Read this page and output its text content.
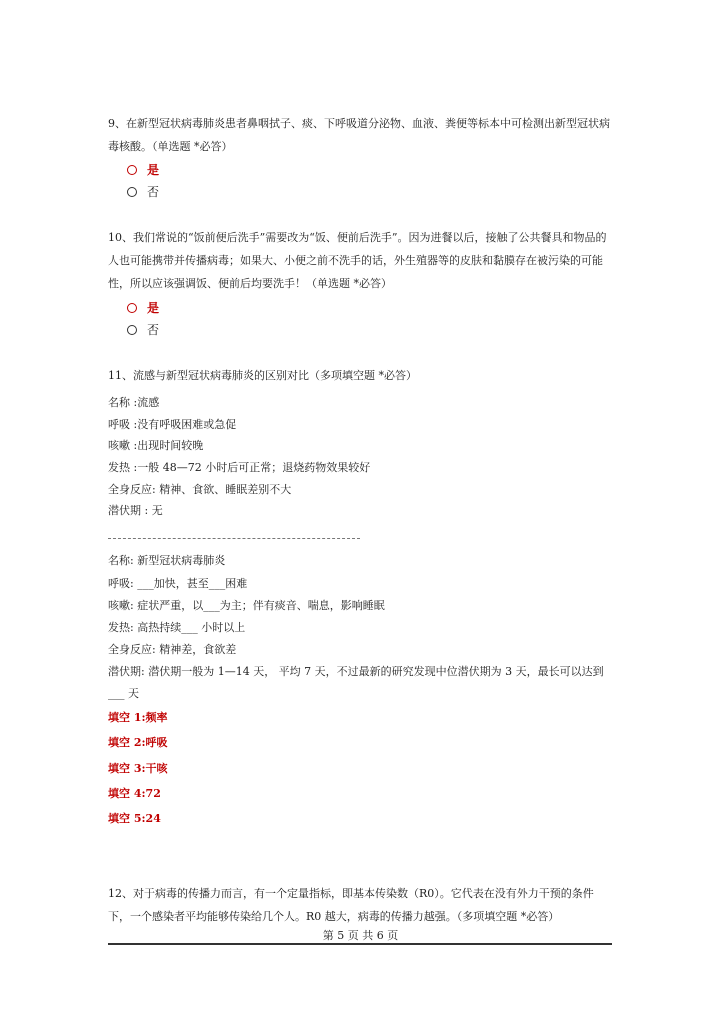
9、在新型冠状病毒肺炎患者鼻咽拭子、痰、下呼吸道分泌物、血液、粪便等标本中可检测出新型冠状病毒核酸。（单选题 *必答）
是
否
10、我们常说的“饭前便后洗手”需要改为“饭、便前后洗手”。因为进餐以后，接触了公共餐具和物品的人也可能携带并传播病毒；如果大、小便之前不洗手的话，外生殖器等的皮肤和黏膜存在被污染的可能性，所以应该强调饭、便前后均要洗手！（单选题 *必答）
是
否
11、流感与新型冠状病毒肺炎的区别对比（多项填空题 *必答）
名称 :流感
呼吸 :没有呼吸困难或急促
咳嗽 :出现时间较晚
发热 :一般 48—72 小时后可正常；退烧药物效果较好
全身反应: 精神、食欲、睡眠差别不大
潜伏期 : 无
名称: 新型冠状病毒肺炎
呼吸: ___加快，甚至___困难
咳嗽: 症状严重，以___为主；伴有痰音、喘息，影响睡眠
发热: 高热持续___ 小时以上
全身反应: 精神差，食欲差
潜伏期: 潜伏期一般为 1—14 天， 平均 7 天，不过最新的研究发现中位潜伏期为 3 天，最长可以达到
___ 天
填空 1:频率
填空 2:呼吸
填空 3:干咳
填空 4:72
填空 5:24
12、对于病毒的传播力而言，有一个定量指标，即基本传染数（R0）。它代表在没有外力干预的条件下，一个感染者平均能够传染给几个人。R0 越大，病毒的传播力越强。（多项填空题 *必答）
第 5 页 共 6 页
